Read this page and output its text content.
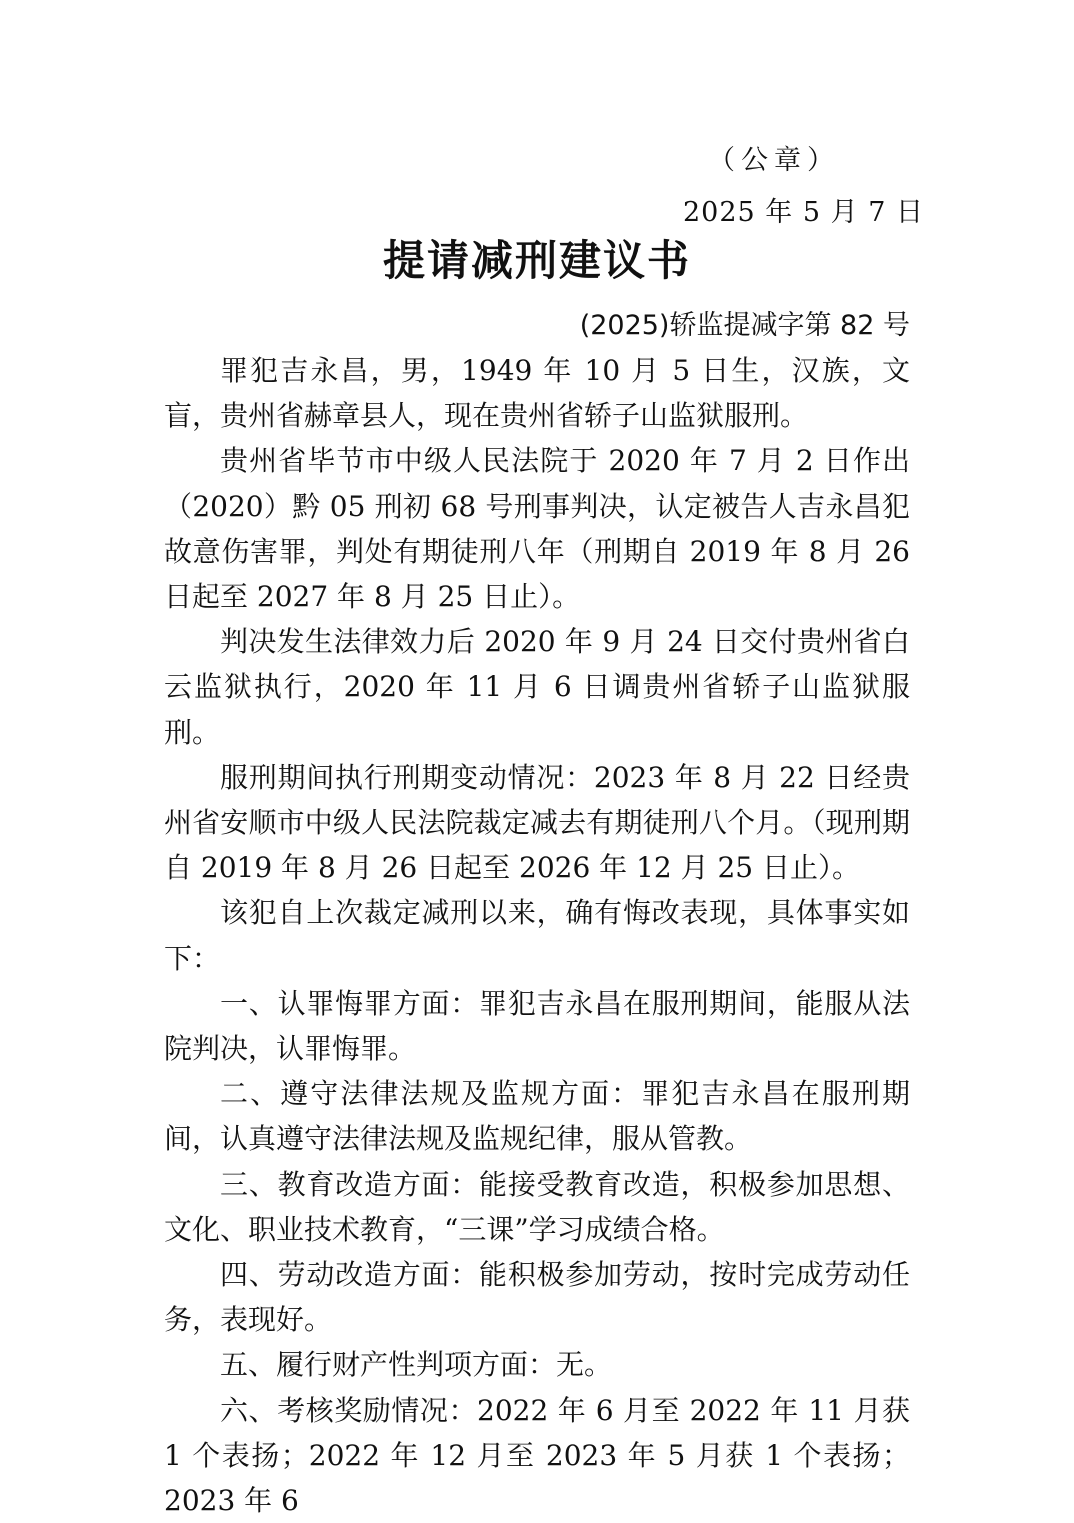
（公章）
2025 年 5 月 7 日
提请减刑建议书
(2025)轿监提减字第 82 号

罪犯吉永昌，男，1949 年 10 月 5 日生，汉族，文盲，贵州省赫章县人，现在贵州省轿子山监狱服刑。

贵州省毕节市中级人民法院于 2020 年 7 月 2 日作出（2020）黔 05 刑初 68 号刑事判决，认定被告人吉永昌犯故意伤害罪，判处有期徒刑八年（刑期自 2019 年 8 月 26 日起至 2027 年 8 月 25 日止）。

判决发生法律效力后 2020 年 9 月 24 日交付贵州省白云监狱执行，2020 年 11 月 6 日调贵州省轿子山监狱服刑。

服刑期间执行刑期变动情况：2023 年 8 月 22 日经贵州省安顺市中级人民法院裁定减去有期徒刑八个月。（现刑期自 2019 年 8 月 26 日起至 2026 年 12 月 25 日止）。

该犯自上次裁定减刑以来，确有悔改表现，具体事实如下：

一、认罪悔罪方面：罪犯吉永昌在服刑期间，能服从法院判决，认罪悔罪。

二、遵守法律法规及监规方面：罪犯吉永昌在服刑期间，认真遵守法律法规及监规纪律，服从管教。

三、教育改造方面：能接受教育改造，积极参加思想、文化、职业技术教育，“三课”学习成绩合格。

四、劳动改造方面：能积极参加劳动，按时完成劳动任务，表现好。

五、履行财产性判项方面：无。

六、考核奖励情况：2022 年 6 月至 2022 年 11 月获 1 个表扬；2022 年 12 月至 2023 年 5 月获 1 个表扬；2023 年 6
